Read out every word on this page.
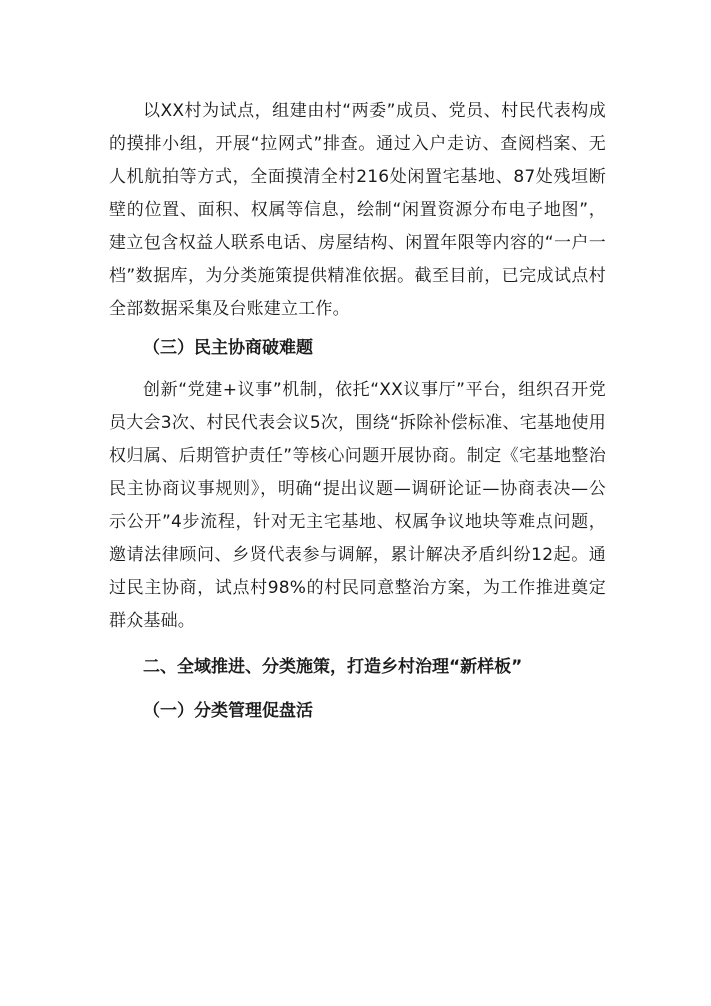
以XX村为试点，组建由村“两委”成员、党员、村民代表构成的摸排小组，开展“拉网式”排查。通过入户走访、查阅档案、无人机航拍等方式，全面摸清全村216处闲置宅基地、87处残垣断壁的位置、面积、权属等信息，绘制“闲置资源分布电子地图”，建立包含权益人联系电话、房屋结构、闲置年限等内容的“一户一档”数据库，为分类施策提供精准依据。截至目前，已完成试点村全部数据采集及台账建立工作。

（三）民主协商破难题

创新“党建+议事”机制，依托“XX议事厅”平台，组织召开党员大会3次、村民代表会议5次，围绕“拆除补偿标准、宅基地使用权归属、后期管护责任”等核心问题开展协商。制定《宅基地整治民主协商议事规则》，明确“提出议题—调研论证—协商表决—公示公开”4步流程，针对无主宅基地、权属争议地块等难点问题，邀请法律顾问、乡贤代表参与调解，累计解决矛盾纠纷12起。通过民主协商，试点村98%的村民同意整治方案，为工作推进奠定群众基础。

二、全域推进、分类施策，打造乡村治理“新样板”

（一）分类管理促盘活
